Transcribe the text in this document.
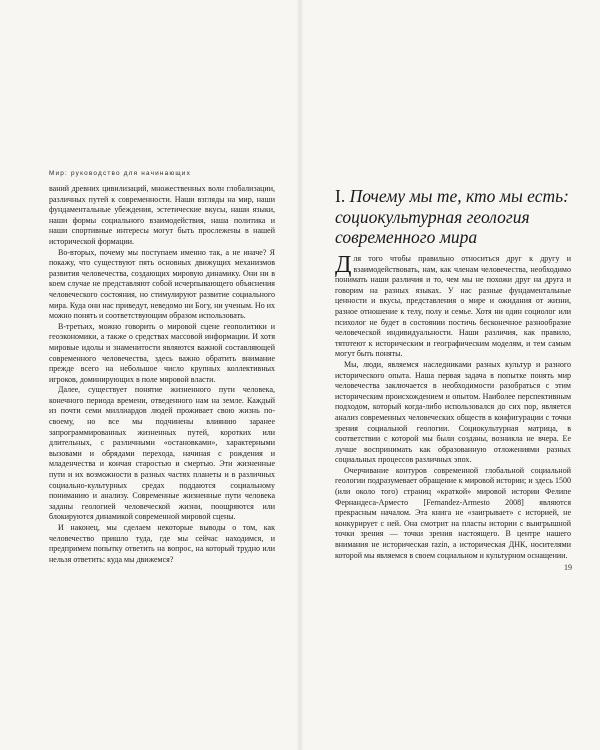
Мир: руководство для начинающих

ваний древних цивилизаций, множественных волн глобализации, различных путей к современности. Наши взгляды на мир, наши фундаментальные убеждения, эстетические вкусы, наши языки, наши формы социального взаимодействия, наша политика и наши спортивные интересы могут быть прослежены в нашей исторической формации.

Во-вторых, почему мы поступаем именно так, а не иначе? Я покажу, что существуют пять основных движущих механизмов развития человечества, создающих мировую динамику. Они ни в коем случае не представляют собой исчерпывающего объяснения человеческого состояния, но стимулируют развитие социального мира. Куда они нас приведут, неведомо ни Богу, ни ученым. Но их можно понять и соответствующим образом использовать.

В-третьих, можно говорить о мировой сцене геополитики и геоэкономики, а также о средствах массовой информации. И хотя мировые идолы и знаменитости являются важной составляющей современного человечества, здесь важно обратить внимание прежде всего на небольшое число крупных коллективных игроков, доминирующих в поле мировой власти.

Далее, существует понятие жизненного пути человека, конечного периода времени, отведенного нам на земле. Каждый из почти семи миллиардов людей проживает свою жизнь по-своему, но все мы подчинены влиянию заранее запрограммированных жизненных путей, коротких или длительных, с различными «остановками», характерными вызовами и обрядами перехода, начиная с рождения и младенчества и кончая старостью и смертью. Эти жизненные пути и их возможности в разных частях планеты и в различных социально-культурных средах поддаются социальному пониманию и анализу. Современные жизненные пути человека заданы геологией человеческой жизни, поощряются или блокируются динамикой современной мировой сцены.

И наконец, мы сделаем некоторые выводы о том, как человечество пришло туда, где мы сейчас находимся, и предпримем попытку ответить на вопрос, на который трудно или нельзя ответить: куда мы движемся?

I. Почему мы те, кто мы есть: социокультурная геология современного мира

Для того чтобы правильно относиться друг к другу и взаимодействовать, нам, как членам человечества, необходимо понимать наши различия и то, чем мы не похожи друг на друга и говорим на разных языках. У нас разные фундаментальные ценности и вкусы, представления о мире и ожидания от жизни, разное отношение к телу, полу и семье. Хотя ни один социолог или психолог не будет в состоянии постичь бесконечное разнообразие человеческой индивидуальности. Наши различия, как правило, тятотеют к историческим и географическим моделям, и тем самым могут быть поняты.

Мы, люди, являемся наследниками разных культур и разного исторического опыта. Наша первая задача в попытке понять мир человечества заключается в необходимости разобраться с этим историческим происхождением и опытом. Наиболее перспективным подходом, который когда-либо использовался до сих пор, является анализ современных человеческих обществ в конфигурации с точки зрения социальной геологии. Социокультурная матрица, в соответствии с которой мы были созданы, возникла не вчера. Ее лучше воспринимать как образованную отложениями разных социальных процессов различных эпох.

Очерчивание контуров современной глобальной социальной геологии подразумевает обращение к мировой истории; и здесь 1500 (или около того) страниц «краткой» мировой истории Фелипе Фернандеса-Арместо [Fernandez-Armesto 2008] являются прекрасным началом. Эта книга не «заигрывает» с историей, не конкурирует с ней. Она смотрит на пласты истории с выигрышной точки зрения — точки зрения настоящего. В центре нашего внимания не историческая razin, а историческая ДНК, носителями которой мы являемся в своем социальном и культурном оснащении.

19
